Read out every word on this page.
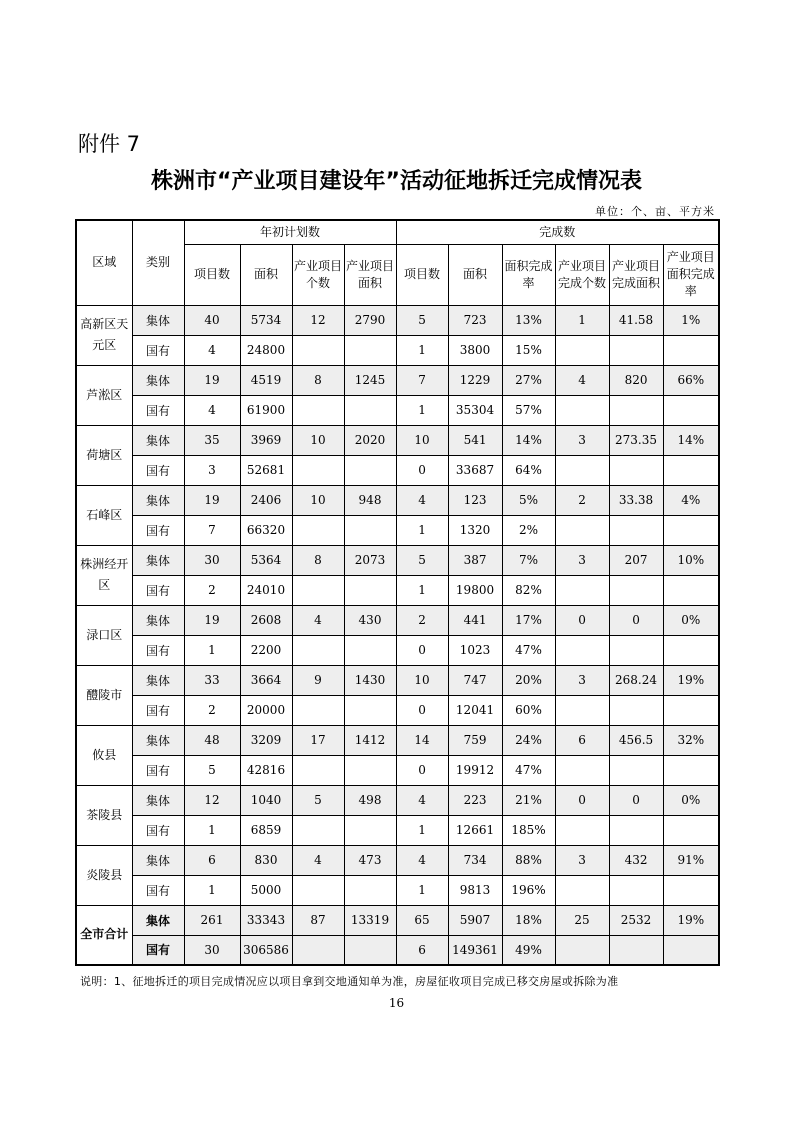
附件 7
株洲市“产业项目建设年”活动征地拆迁完成情况表
单位：个、亩、平方米
区域	类别	年初计划数				完成数					
		项目数	面积	产业项目个数	产业项目 面积	项目数	面积	面积完成率	产业项目完成个数	产业项目完成面积	产业项目面积完成率
高新区天元区	集体	40	5734	12	2790	5	723	13%	1	41.58	1%
	国有	4	24800			1	3800	15%			
芦淞区	集体	19	4519	8	1245	7	1229	27%	4	820	66%
	国有	4	61900			1	35304	57%			
荷塘区	集体	35	3969	10	2020	10	541	14%	3	273.35	14%
	国有	3	52681			0	33687	64%			
石峰区	集体	19	2406	10	948	4	123	5%	2	33.38	4%
	国有	7	66320			1	1320	2%			
株洲经开区	集体	30	5364	8	2073	5	387	7%	3	207	10%
	国有	2	24010			1	19800	82%			
渌口区	集体	19	2608	4	430	2	441	17%	0	0	0%
	国有	1	2200			0	1023	47%			
醴陵市	集体	33	3664	9	1430	10	747	20%	3	268.24	19%
	国有	2	20000			0	12041	60%			
攸县	集体	48	3209	17	1412	14	759	24%	6	456.5	32%
	国有	5	42816			0	19912	47%			
茶陵县	集体	12	1040	5	498	4	223	21%	0	0	0%
	国有	1	6859			1	12661	185%			
炎陵县	集体	6	830	4	473	4	734	88%	3	432	91%
	国有	1	5000			1	9813	196%			
全市合计	集体	261	33343	87	13319	65	5907	18%	25	2532	19%
	国有	30	306586			6	149361	49%			
说明：1、征地拆迁的项目完成情况应以项目拿到交地通知单为准，房屋征收项目完成已移交房屋或拆除为准
16
